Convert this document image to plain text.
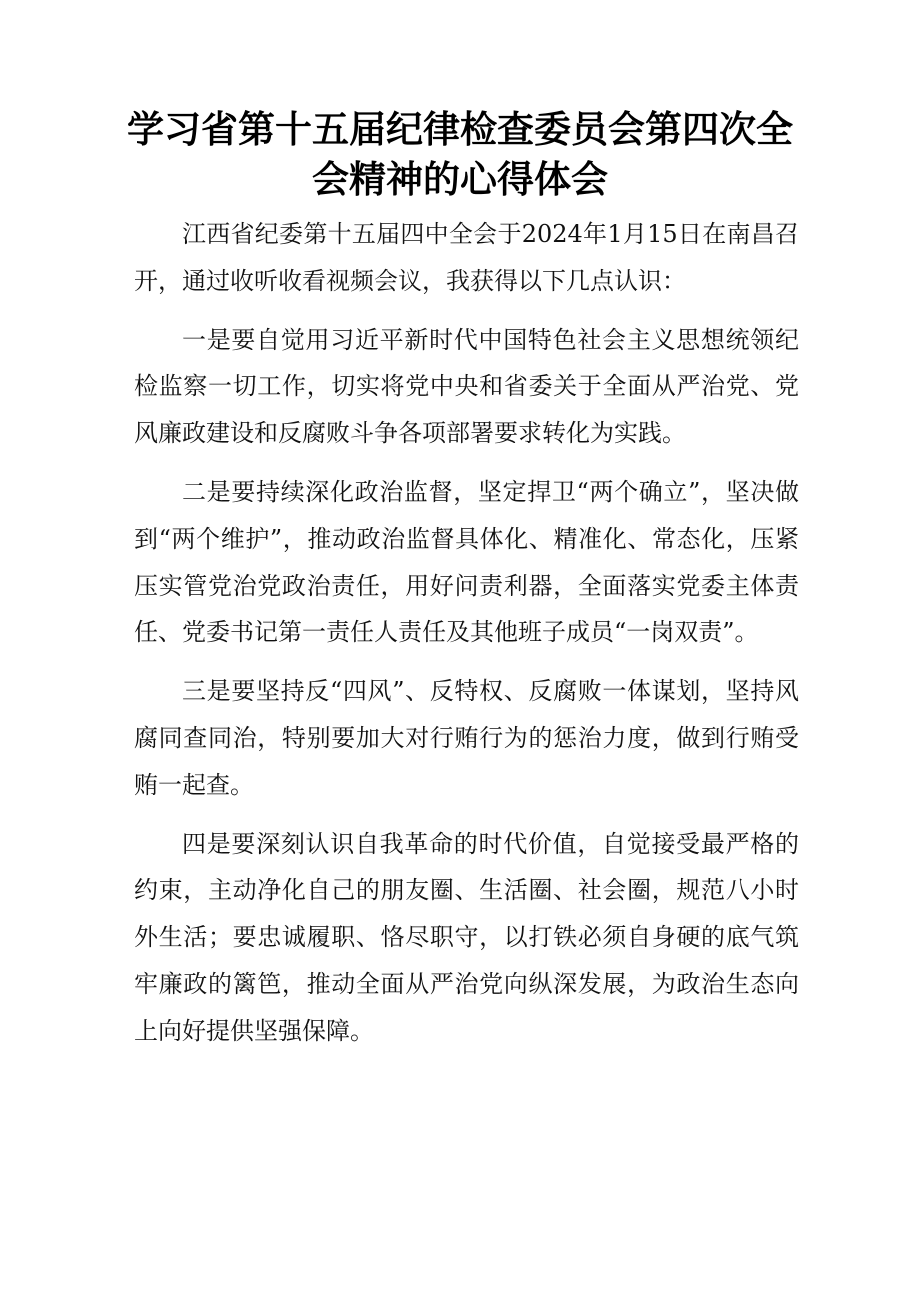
学习省第十五届纪律检查委员会第四次全
会精神的心得体会

江西省纪委第十五届四中全会于2024年1月15日在南昌召开，通过收听收看视频会议，我获得以下几点认识：

一是要自觉用习近平新时代中国特色社会主义思想统领纪检监察一切工作，切实将党中央和省委关于全面从严治党、党风廉政建设和反腐败斗争各项部署要求转化为实践。

二是要持续深化政治监督，坚定捍卫“两个确立”，坚决做到“两个维护”，推动政治监督具体化、精准化、常态化，压紧压实管党治党政治责任，用好问责利器，全面落实党委主体责任、党委书记第一责任人责任及其他班子成员“一岗双责”。

三是要坚持反“四风”、反特权、反腐败一体谋划，坚持风腐同查同治，特别要加大对行贿行为的惩治力度，做到行贿受贿一起查。

四是要深刻认识自我革命的时代价值，自觉接受最严格的约束，主动净化自己的朋友圈、生活圈、社会圈，规范八小时外生活；要忠诚履职、恪尽职守，以打铁必须自身硬的底气筑牢廉政的篱笆，推动全面从严治党向纵深发展，为政治生态向上向好提供坚强保障。
